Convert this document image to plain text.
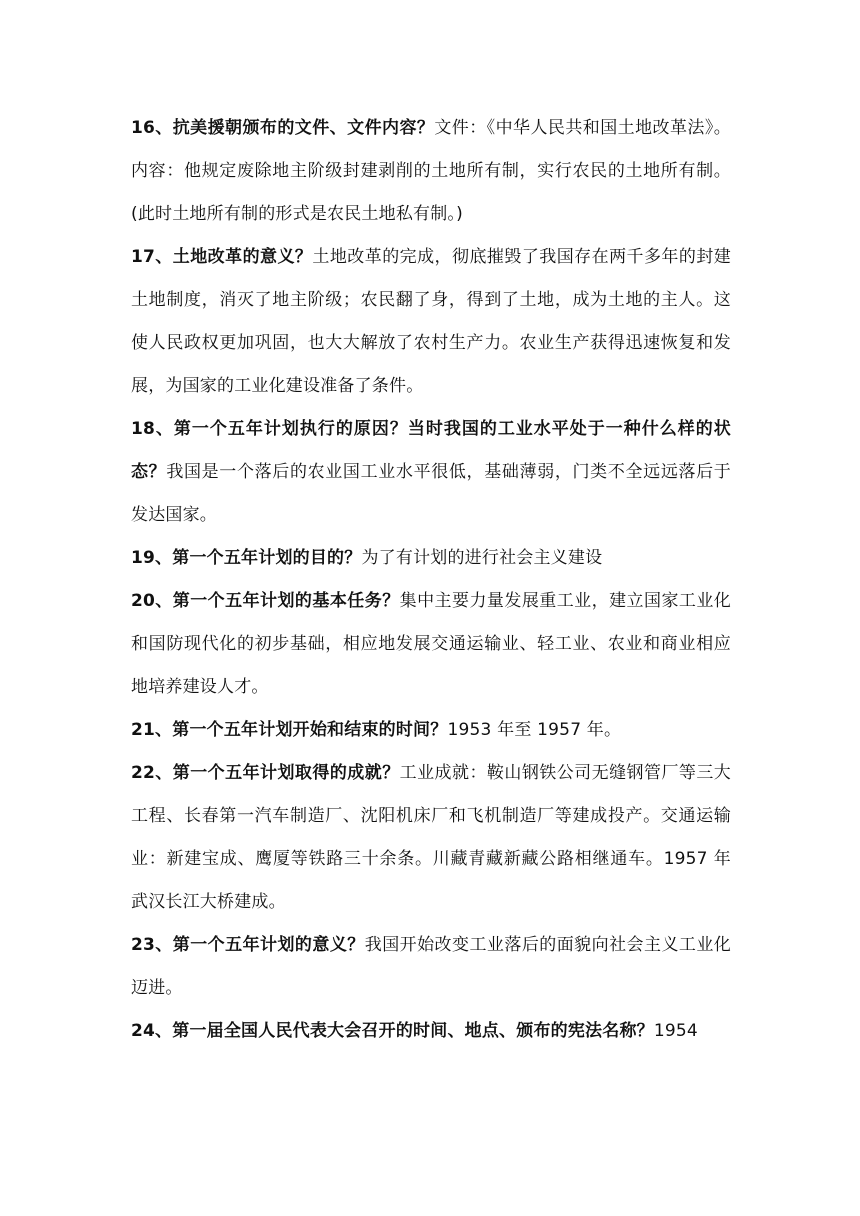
16、抗美援朝颁布的文件、文件内容？文件：《中华人民共和国土地改革法》。内容：他规定废除地主阶级封建剥削的土地所有制，实行农民的土地所有制。(此时土地所有制的形式是农民土地私有制。)

17、土地改革的意义？土地改革的完成，彻底摧毁了我国存在两千多年的封建土地制度，消灭了地主阶级；农民翻了身，得到了土地，成为土地的主人。这使人民政权更加巩固，也大大解放了农村生产力。农业生产获得迅速恢复和发展，为国家的工业化建设准备了条件。

18、第一个五年计划执行的原因？当时我国的工业水平处于一种什么样的状态？我国是一个落后的农业国工业水平很低，基础薄弱，门类不全远远落后于发达国家。

19、第一个五年计划的目的？为了有计划的进行社会主义建设

20、第一个五年计划的基本任务？集中主要力量发展重工业，建立国家工业化和国防现代化的初步基础，相应地发展交通运输业、轻工业、农业和商业相应地培养建设人才。

21、第一个五年计划开始和结束的时间？1953 年至 1957 年。

22、第一个五年计划取得的成就？工业成就：鞍山钢铁公司无缝钢管厂等三大工程、长春第一汽车制造厂、沈阳机床厂和飞机制造厂等建成投产。交通运输业：新建宝成、鹰厦等铁路三十余条。川藏青藏新藏公路相继通车。1957 年武汉长江大桥建成。

23、第一个五年计划的意义？我国开始改变工业落后的面貌向社会主义工业化迈进。

24、第一届全国人民代表大会召开的时间、地点、颁布的宪法名称？1954
